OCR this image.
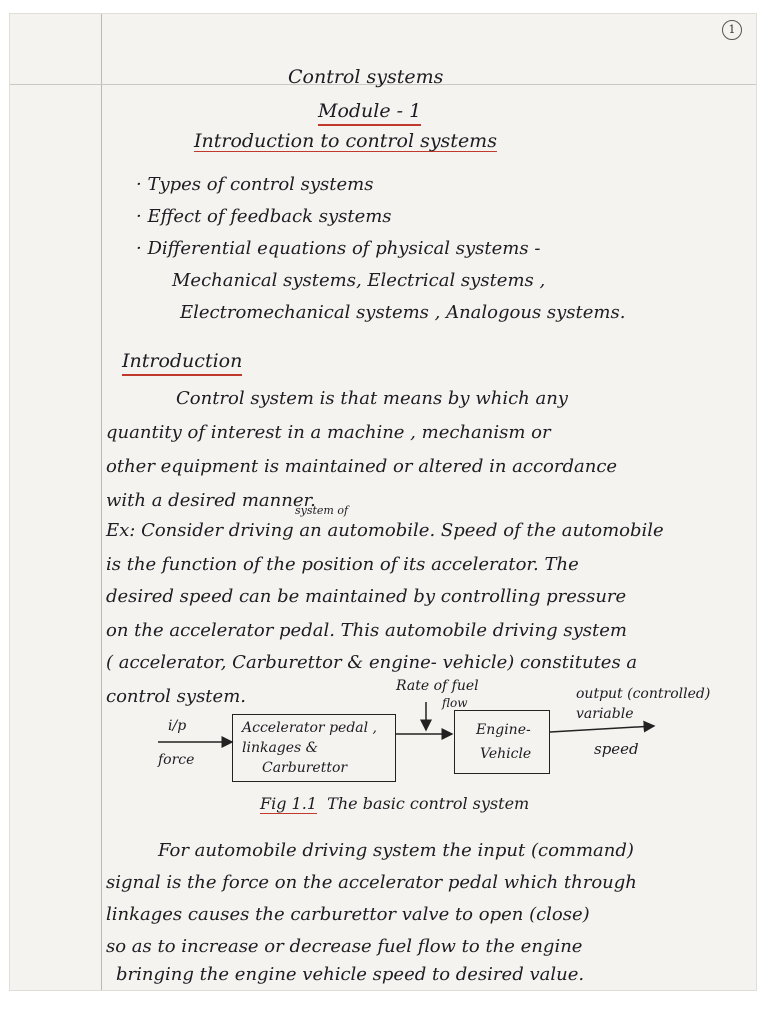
1
Control systems
Module - 1
Introduction to control systems
· Types of control systems
· Effect of feedback systems
· Differential equations of physical systems -
Mechanical systems, Electrical systems ,
Electromechanical systems , Analogous systems.
Introduction
Control system is that means by which any
quantity of interest in a machine , mechanism or
other equipment is maintained or altered in accordance
with a desired manner.
system of
Ex: Consider driving an automobile. Speed of the automobile
is the function of the position of its accelerator. The
desired speed can be maintained by controlling pressure
on the accelerator pedal. This automobile driving system
( accelerator, Carburettor & engine- vehicle) constitutes a
control system.
i/p
force
Accelerator pedal ,
linkages &
Carburettor
Rate of fuel
flow
Engine-
Vehicle
output (controlled)
variable
speed
Fig 1.1 The basic control system
For automobile driving system the input (command)
signal is the force on the accelerator pedal which through
linkages causes the carburettor valve to open (close)
so as to increase or decrease fuel flow to the engine
bringing the engine vehicle speed to desired value.
